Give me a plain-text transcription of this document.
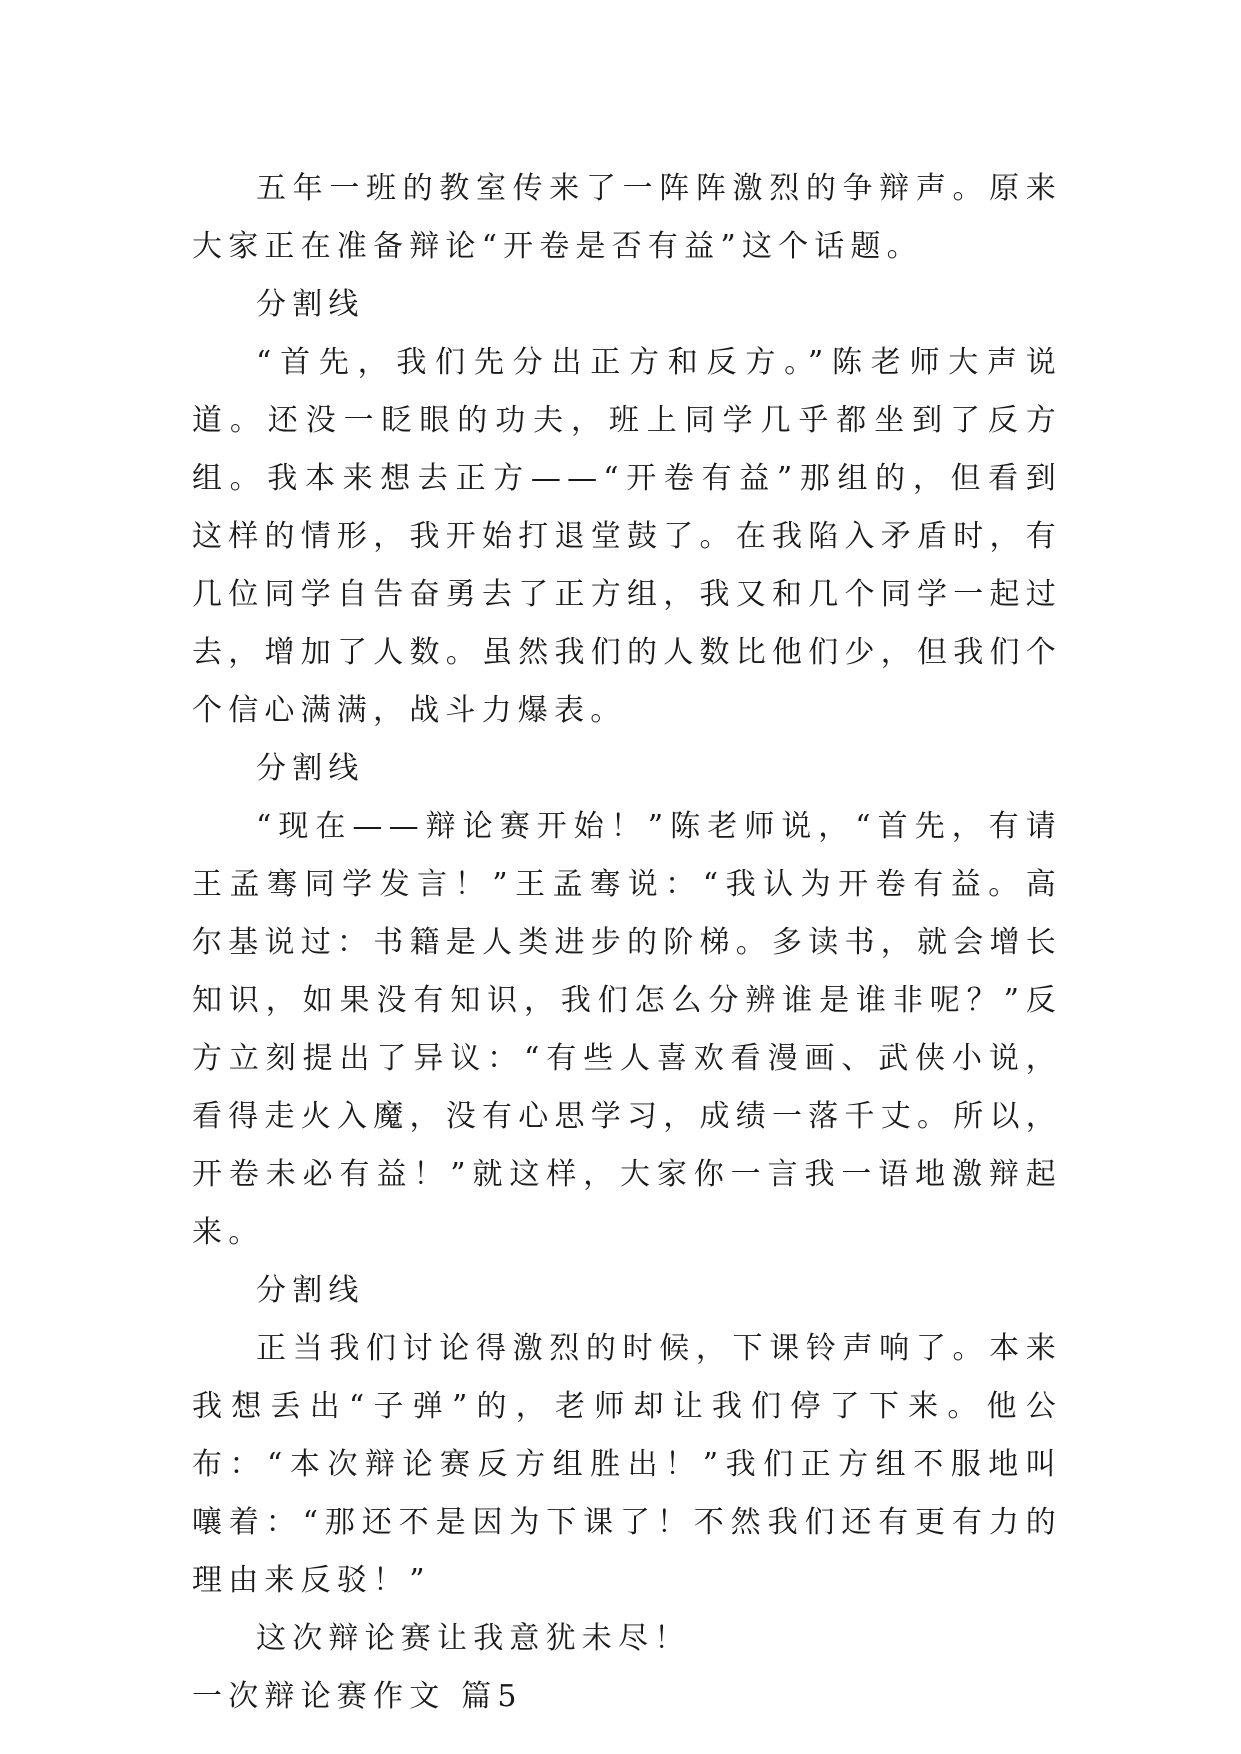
五年一班的教室传来了一阵阵激烈的争辩声。原来大家正在准备辩论“开卷是否有益”这个话题。

分割线

“首先，我们先分出正方和反方。”陈老师大声说道。还没一眨眼的功夫，班上同学几乎都坐到了反方组。我本来想去正方——“开卷有益”那组的，但看到这样的情形，我开始打退堂鼓了。在我陷入矛盾时，有几位同学自告奋勇去了正方组，我又和几个同学一起过去，增加了人数。虽然我们的人数比他们少，但我们个个信心满满，战斗力爆表。

分割线

“现在——辩论赛开始！”陈老师说，“首先，有请王孟骞同学发言！”王孟骞说：“我认为开卷有益。高尔基说过：书籍是人类进步的阶梯。多读书，就会增长知识，如果没有知识，我们怎么分辨谁是谁非呢？”反方立刻提出了异议：“有些人喜欢看漫画、武侠小说，看得走火入魔，没有心思学习，成绩一落千丈。所以，开卷未必有益！”就这样，大家你一言我一语地激辩起来。

分割线

正当我们讨论得激烈的时候，下课铃声响了。本来我想丢出“子弹”的，老师却让我们停了下来。他公布：“本次辩论赛反方组胜出！”我们正方组不服地叫嚷着：“那还不是因为下课了！不然我们还有更有力的理由来反驳！”

这次辩论赛让我意犹未尽！

一次辩论赛作文 篇5
